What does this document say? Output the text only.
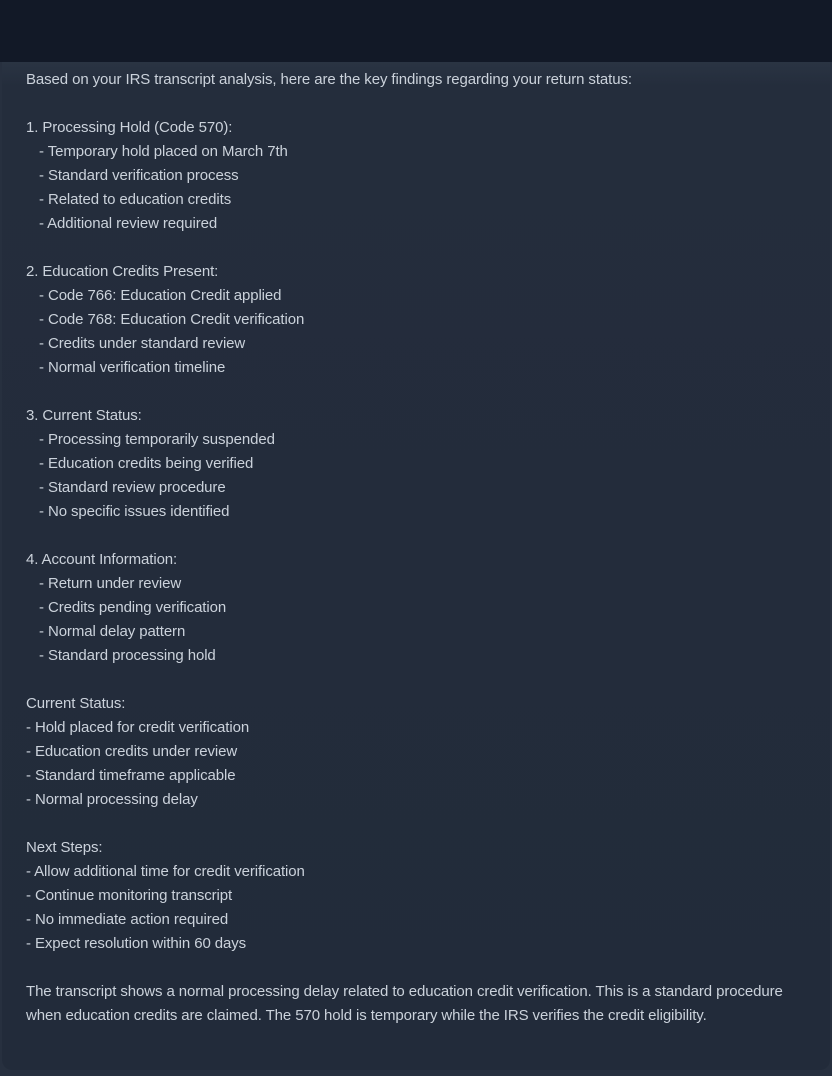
Based on your IRS transcript analysis, here are the key findings regarding your return status:

1. Processing Hold (Code 570):

- Temporary hold placed on March 7th

- Standard verification process

- Related to education credits

- Additional review required

2. Education Credits Present:

- Code 766: Education Credit applied

- Code 768: Education Credit verification

- Credits under standard review

- Normal verification timeline

3. Current Status:

- Processing temporarily suspended

- Education credits being verified

- Standard review procedure

- No specific issues identified

4. Account Information:

- Return under review

- Credits pending verification

- Normal delay pattern

- Standard processing hold

Current Status:

- Hold placed for credit verification

- Education credits under review

- Standard timeframe applicable

- Normal processing delay

Next Steps:

- Allow additional time for credit verification

- Continue monitoring transcript

- No immediate action required

- Expect resolution within 60 days

The transcript shows a normal processing delay related to education credit verification. This is a standard procedure when education credits are claimed. The 570 hold is temporary while the IRS verifies the credit eligibility.
